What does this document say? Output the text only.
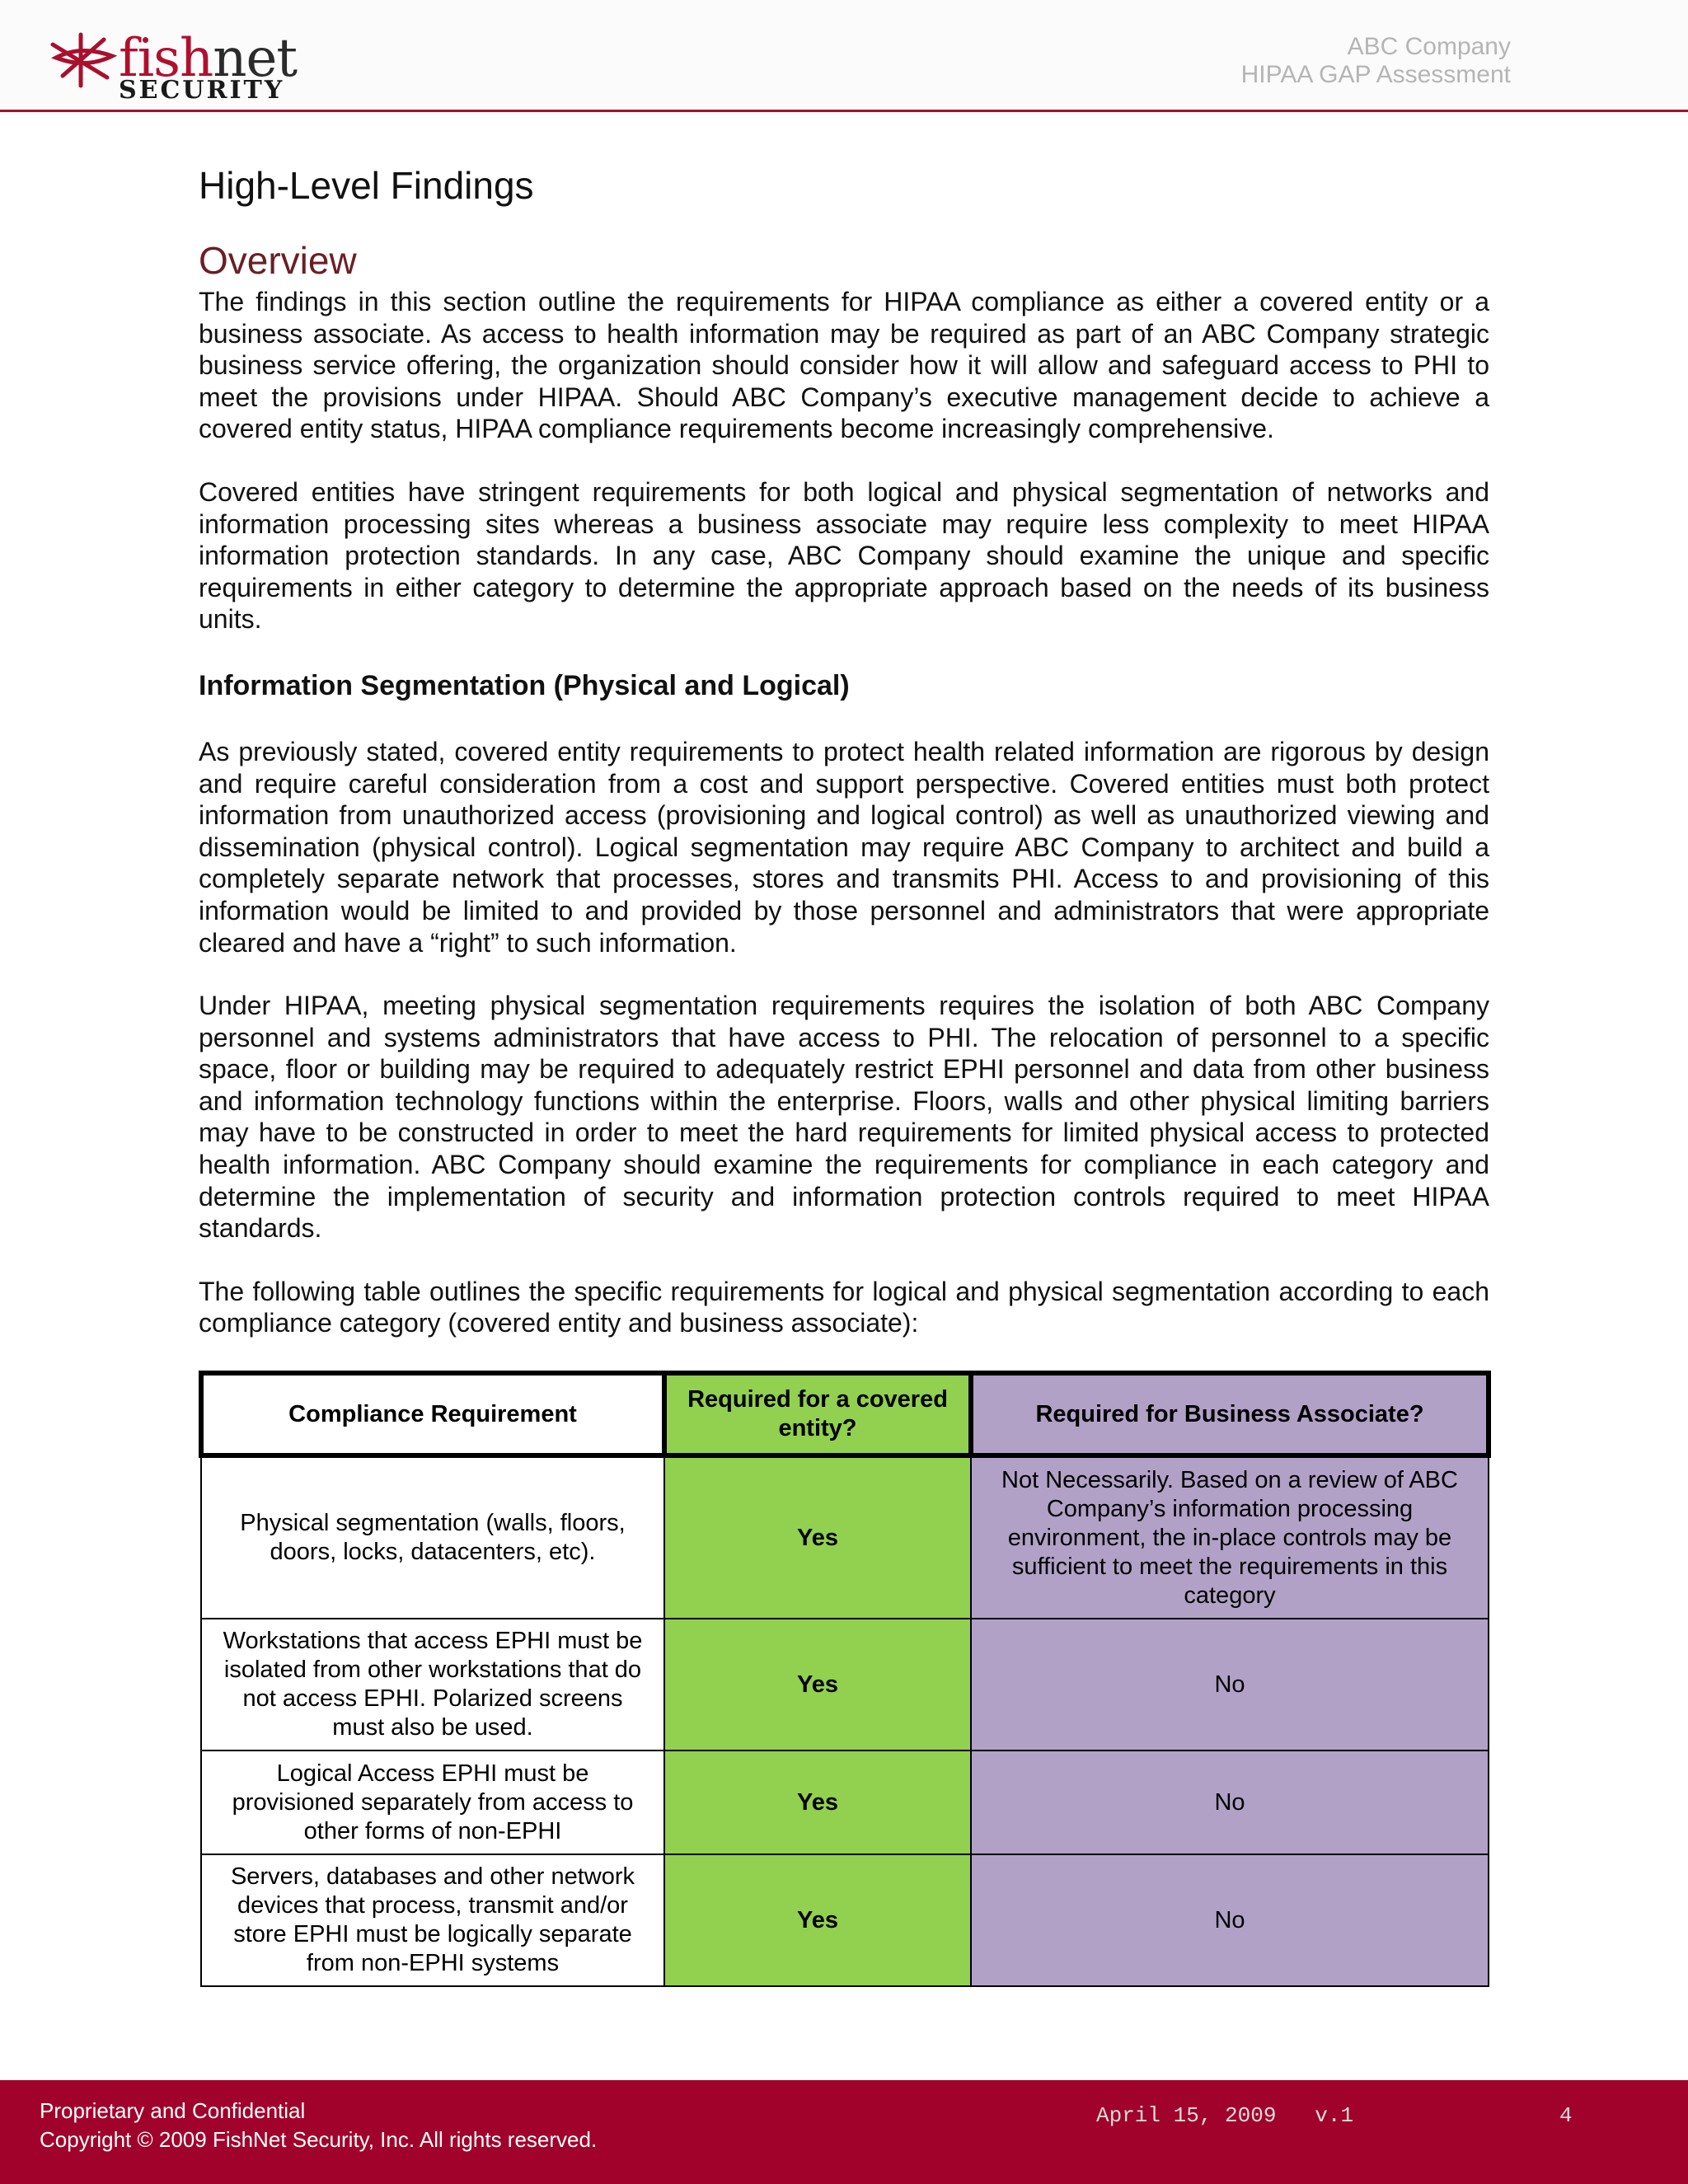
fishnet
SECURITY
ABC Company
HIPAA GAP Assessment
High-Level Findings
Overview

The findings in this section outline the requirements for HIPAA compliance as either a covered entity or a business associate. As access to health information may be required as part of an ABC Company strategic business service offering, the organization should consider how it will allow and safeguard access to PHI to meet the provisions under HIPAA. Should ABC Company’s executive management decide to achieve a covered entity status, HIPAA compliance requirements become increasingly comprehensive.

Covered entities have stringent requirements for both logical and physical segmentation of networks and information processing sites whereas a business associate may require less complexity to meet HIPAA information protection standards. In any case, ABC Company should examine the unique and specific requirements in either category to determine the appropriate approach based on the needs of its business units.

Information Segmentation (Physical and Logical)

As previously stated, covered entity requirements to protect health related information are rigorous by design and require careful consideration from a cost and support perspective. Covered entities must both protect information from unauthorized access (provisioning and logical control) as well as unauthorized viewing and dissemination (physical control). Logical segmentation may require ABC Company to architect and build a completely separate network that processes, stores and transmits PHI. Access to and provisioning of this information would be limited to and provided by those personnel and administrators that were appropriate cleared and have a “right” to such information.

Under HIPAA, meeting physical segmentation requirements requires the isolation of both ABC Company personnel and systems administrators that have access to PHI. The relocation of personnel to a specific space, floor or building may be required to adequately restrict EPHI personnel and data from other business and information technology functions within the enterprise. Floors, walls and other physical limiting barriers may have to be constructed in order to meet the hard requirements for limited physical access to protected health information. ABC Company should examine the requirements for compliance in each category and determine the implementation of security and information protection controls required to meet HIPAA standards.

The following table outlines the specific requirements for logical and physical segmentation according to each compliance category (covered entity and business associate):

Compliance Requirement	Required for a covered entity?	Required for Business Associate?
Physical segmentation (walls, floors, doors, locks, datacenters, etc).	Yes	Not Necessarily. Based on a review of ABC Company’s information processing environment, the in-place controls may be sufficient to meet the requirements in this category
Workstations that access EPHI must be isolated from other workstations that do not access EPHI. Polarized screens must also be used.	Yes	No
Logical Access EPHI must be provisioned separately from access to other forms of non-EPHI	Yes	No
Servers, databases and other network devices that process, transmit and/or store EPHI must be logically separate from non-EPHI systems	Yes	No
Proprietary and Confidential
Copyright © 2009 FishNet Security, Inc. All rights reserved.
April 15, 2009   v.1	4
